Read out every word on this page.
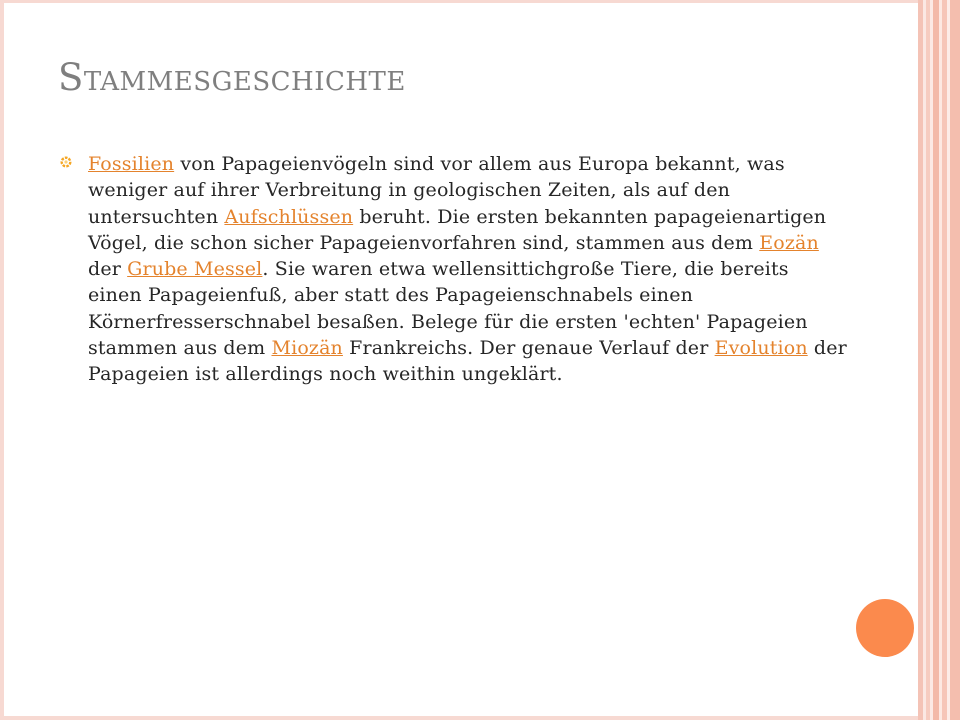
Stammesgeschichte

Fossilien von Papageienvögeln sind vor allem aus Europa bekannt, was weniger auf ihrer Verbreitung in geologischen Zeiten, als auf den untersuchten Aufschlüssen beruht. Die ersten bekannten papageienartigen Vögel, die schon sicher Papageienvorfahren sind, stammen aus dem Eozän der Grube Messel. Sie waren etwa wellensittichgroße Tiere, die bereits einen Papageienfuß, aber statt des Papageienschnabels einen Körnerfresserschnabel besaßen. Belege für die ersten 'echten' Papageien stammen aus dem Miozän Frankreichs. Der genaue Verlauf der Evolution der Papageien ist allerdings noch weithin ungeklärt.
